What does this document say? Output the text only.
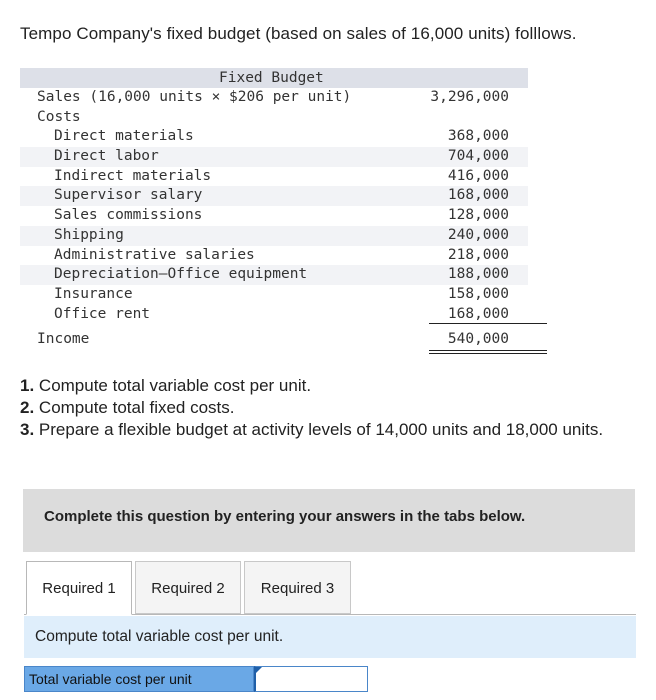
Tempo Company's fixed budget (based on sales of 16,000 units) folllows.
Fixed Budget
Sales (16,000 units × $206 per unit)	3,296,000
Costs
Direct materials	368,000
Direct labor	704,000
Indirect materials	416,000
Supervisor salary	168,000
Sales commissions	128,000
Shipping	240,000
Administrative salaries	218,000
Depreciation—Office equipment	188,000
Insurance	158,000
Office rent	168,000
Income	540,000
1. Compute total variable cost per unit.
2. Compute total fixed costs.
3. Prepare a flexible budget at activity levels of 14,000 units and 18,000 units.
Complete this question by entering your answers in the tabs below.
Required 1	Required 2	Required 3
Compute total variable cost per unit.
Total variable cost per unit
